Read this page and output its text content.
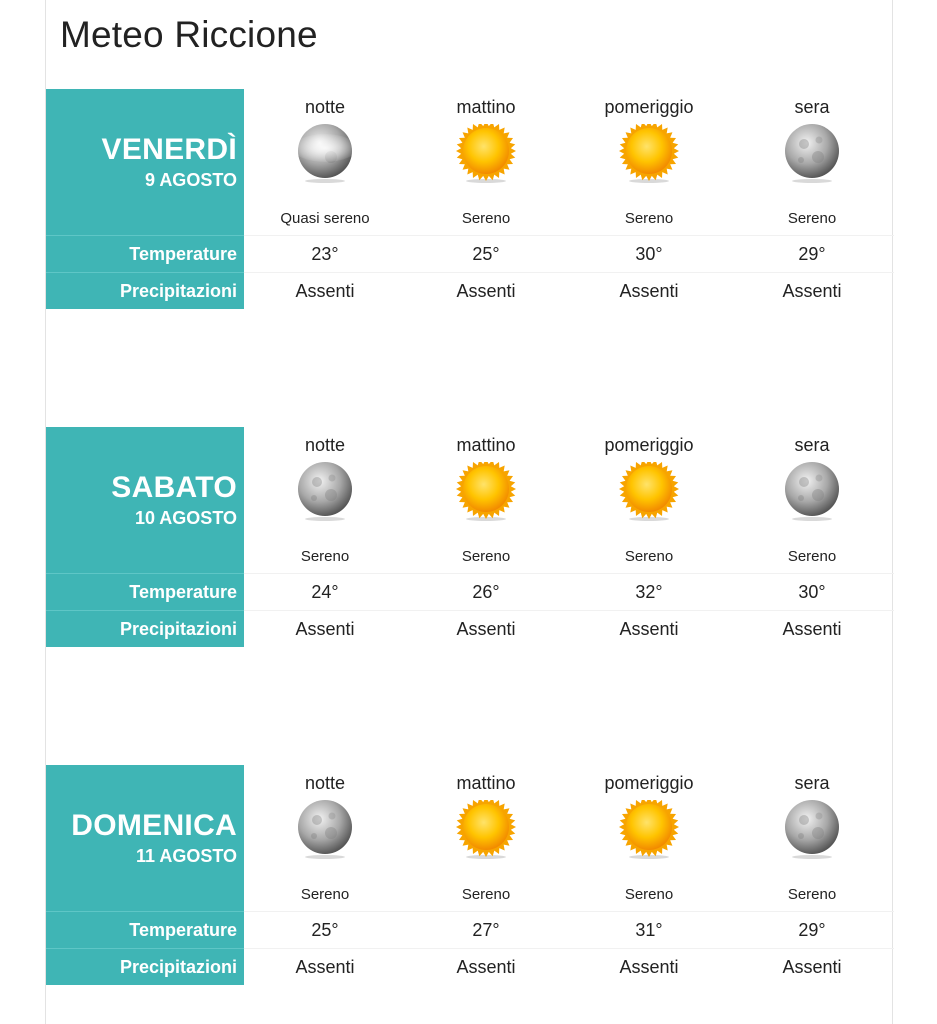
Meteo Riccione
VENERDÌ
9 AGOSTO
Temperature
Precipitazioni
notte
Quasi sereno
23°
Assenti
mattino
Sereno
25°
Assenti
pomeriggio
Sereno
30°
Assenti
sera
Sereno
29°
Assenti
SABATO
10 AGOSTO
Temperature
Precipitazioni
notte
Sereno
24°
Assenti
mattino
Sereno
26°
Assenti
pomeriggio
Sereno
32°
Assenti
sera
Sereno
30°
Assenti
DOMENICA
11 AGOSTO
Temperature
Precipitazioni
notte
Sereno
25°
Assenti
mattino
Sereno
27°
Assenti
pomeriggio
Sereno
31°
Assenti
sera
Sereno
29°
Assenti
